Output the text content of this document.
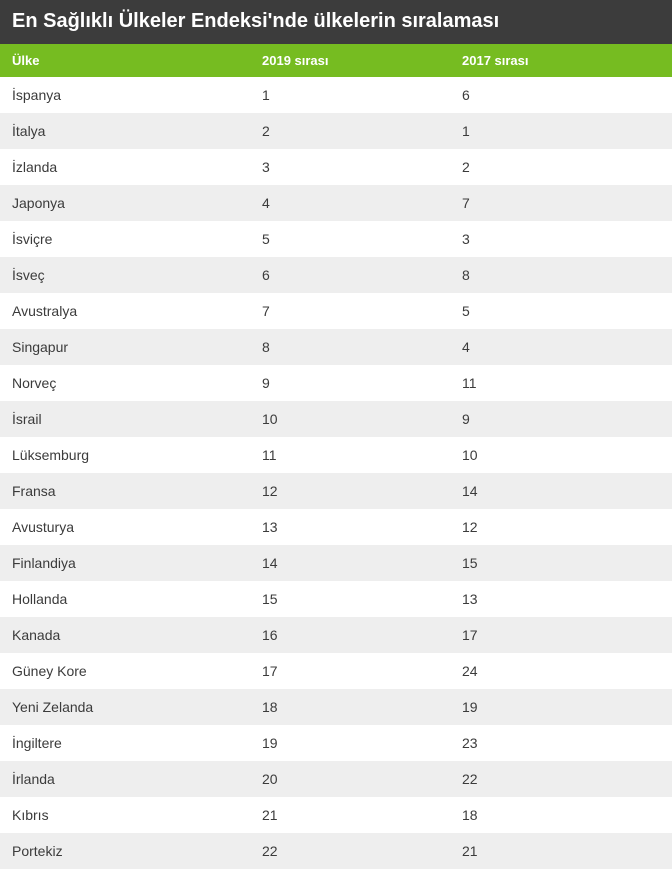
En Sağlıklı Ülkeler Endeksi'nde ülkelerin sıralaması
Ülke	2019 sırası	2017 sırası
İspanya	1	6
İtalya	2	1
İzlanda	3	2
Japonya	4	7
İsviçre	5	3
İsveç	6	8
Avustralya	7	5
Singapur	8	4
Norveç	9	11
İsrail	10	9
Lüksemburg	11	10
Fransa	12	14
Avusturya	13	12
Finlandiya	14	15
Hollanda	15	13
Kanada	16	17
Güney Kore	17	24
Yeni Zelanda	18	19
İngiltere	19	23
İrlanda	20	22
Kıbrıs	21	18
Portekiz	22	21
